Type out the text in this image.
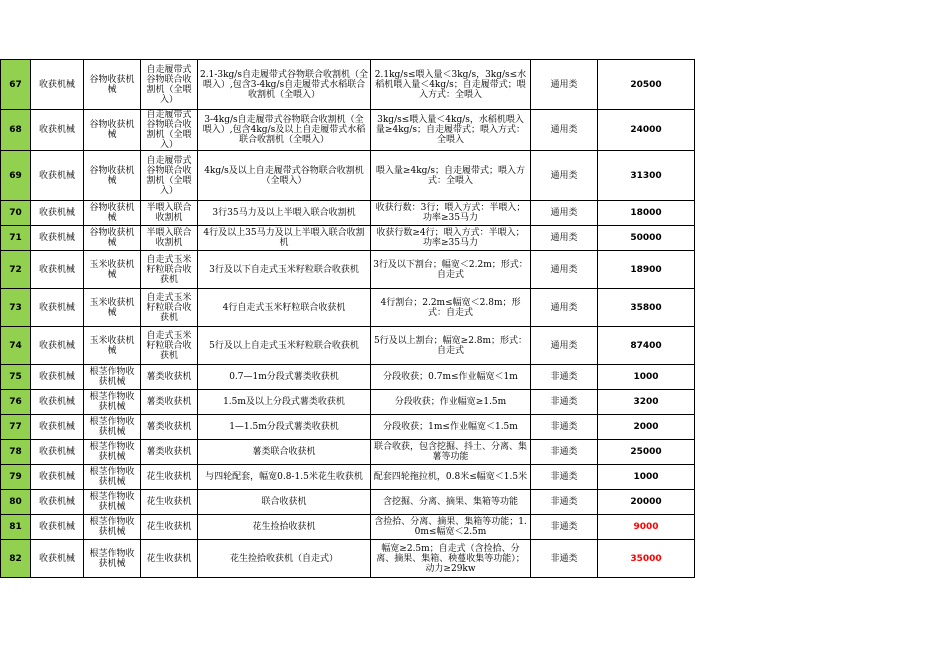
67	收获机械	谷物收获机械	自走履带式谷物联合收割机（全喂入）	2.1-3kg/s自走履带式谷物联合收割机（全喂入）,包含3-4kg/s自走履带式水稻联合收割机（全喂入）	2.1kg/s≤喂入量＜3kg/s，3kg/s≤水稻机喂入量＜4kg/s；自走履带式；喂入方式：全喂入	通用类	20500
68	收获机械	谷物收获机械	自走履带式谷物联合收割机（全喂入）	3-4kg/s自走履带式谷物联合收割机（全喂入）,包含4kg/s及以上自走履带式水稻联合收割机（全喂入）	3kg/s≤喂入量＜4kg/s，水稻机喂入量≥4kg/s；自走履带式；喂入方式：全喂入	通用类	24000
69	收获机械	谷物收获机械	自走履带式谷物联合收割机（全喂入）	4kg/s及以上自走履带式谷物联合收割机（全喂入）	喂入量≥4kg/s；自走履带式；喂入方式：全喂入	通用类	31300
70	收获机械	谷物收获机械	半喂入联合收割机	3行35马力及以上半喂入联合收割机	收获行数：3行；喂入方式：半喂入；功率≥35马力	通用类	18000
71	收获机械	谷物收获机械	半喂入联合收割机	4行及以上35马力及以上半喂入联合收割机	收获行数≥4行；喂入方式：半喂入；功率≥35马力	通用类	50000
72	收获机械	玉米收获机械	自走式玉米籽粒联合收获机	3行及以下自走式玉米籽粒联合收获机	3行及以下割台；幅宽＜2.2m；形式：自走式	通用类	18900
73	收获机械	玉米收获机械	自走式玉米籽粒联合收获机	4行自走式玉米籽粒联合收获机	4行割台；2.2m≤幅宽＜2.8m；形式：自走式	通用类	35800
74	收获机械	玉米收获机械	自走式玉米籽粒联合收获机	5行及以上自走式玉米籽粒联合收获机	5行及以上割台；幅宽≥2.8m；形式：自走式	通用类	87400
75	收获机械	根茎作物收获机械	薯类收获机	0.7—1m分段式薯类收获机	分段收获；0.7m≤作业幅宽＜1m	非通类	1000
76	收获机械	根茎作物收获机械	薯类收获机	1.5m及以上分段式薯类收获机	分段收获；作业幅宽≥1.5m	非通类	3200
77	收获机械	根茎作物收获机械	薯类收获机	1—1.5m分段式薯类收获机	分段收获；1m≤作业幅宽＜1.5m	非通类	2000
78	收获机械	根茎作物收获机械	薯类收获机	薯类联合收获机	联合收获，包含挖掘、抖土、分离、集薯等功能	非通类	25000
79	收获机械	根茎作物收获机械	花生收获机	与四轮配套，幅宽0.8-1.5米花生收获机	配套四轮拖拉机，0.8米≤幅宽＜1.5米	非通类	1000
80	收获机械	根茎作物收获机械	花生收获机	联合收获机	含挖掘、分离、摘果、集箱等功能	非通类	20000
81	收获机械	根茎作物收获机械	花生收获机	花生捡拾收获机	含捡拾、分离、摘果、集箱等功能；1.0m≤幅宽＜2.5m	非通类	9000
82	收获机械	根茎作物收获机械	花生收获机	花生捡拾收获机（自走式）	幅宽≥2.5m；自走式（含捡拾、分离、摘果、集箱、秧蔓收集等功能）；动力≥29kw	非通类	35000
